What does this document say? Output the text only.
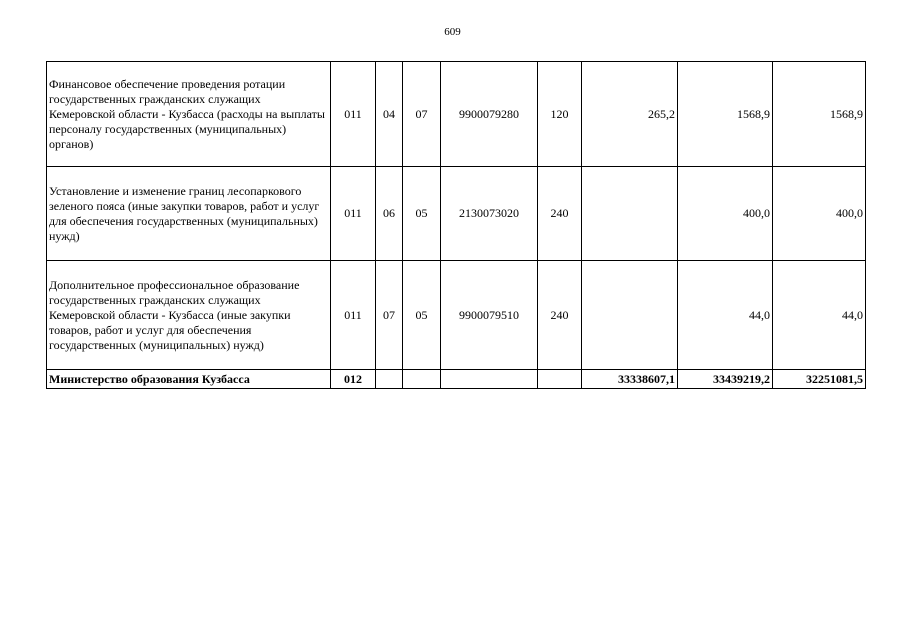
609
Финансовое обеспечение проведения ротации государственных гражданских служащих Кемеровской области - Кузбасса (расходы на выплаты персоналу государственных (муниципальных) органов)	011	04	07	9900079280	120	265,2	1568,9	1568,9
Установление и изменение границ лесопаркового зеленого пояса (иные закупки товаров, работ и услуг для обеспечения государственных (муниципальных) нужд)	011	06	05	2130073020	240		400,0	400,0
Дополнительное профессиональное образование государственных гражданских служащих Кемеровской области - Кузбасса (иные закупки товаров, работ и услуг для обеспечения государственных (муниципальных) нужд)	011	07	05	9900079510	240		44,0	44,0
Министерство образования Кузбасса	012					33338607,1	33439219,2	32251081,5
